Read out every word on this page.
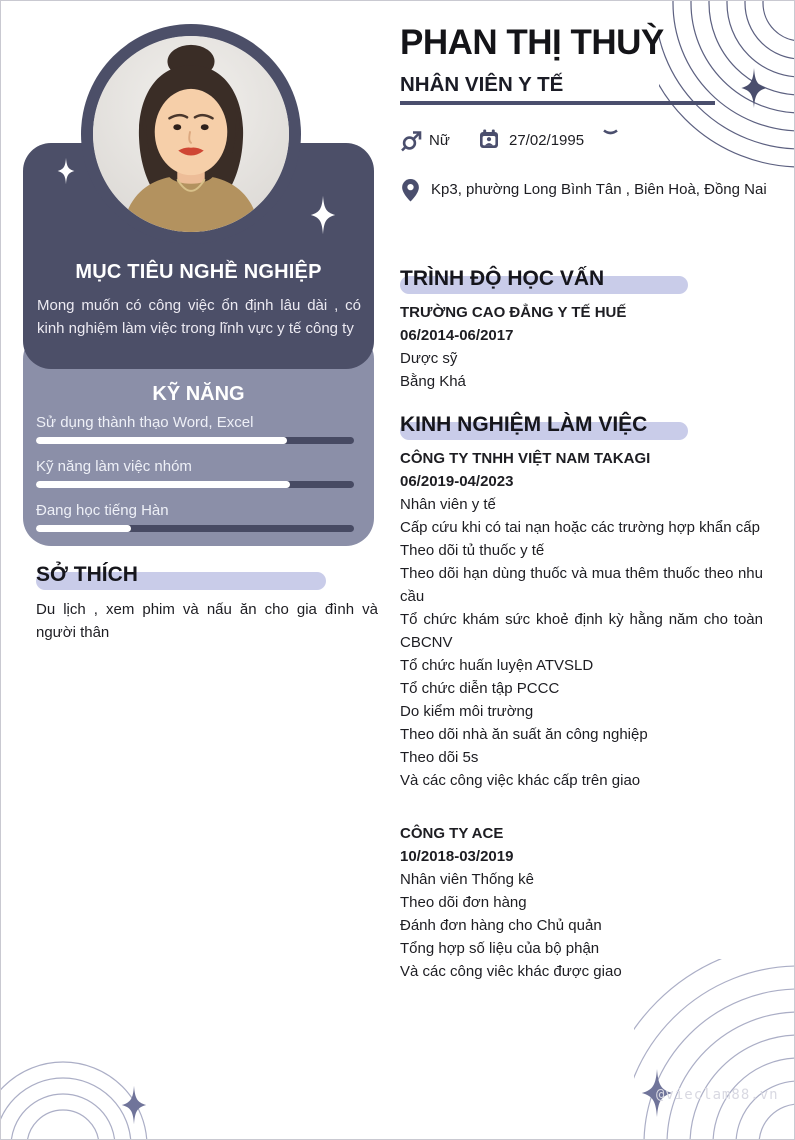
@vieclam88.vn
KỸ NĂNG
Sử dụng thành thạo Word, Excel
Kỹ năng làm việc nhóm
Đang học tiếng Hàn
MỤC TIÊU NGHỀ NGHIỆP
Mong muốn có công việc ổn định lâu dài , có kinh nghiệm làm việc trong lĩnh vực y tế công ty
SỞ THÍCH
Du lịch , xem phim và nấu ăn cho gia đình và người thân
PHAN THỊ THUỲ
NHÂN VIÊN Y TẾ
Nữ	27/02/1995
Kp3, phường Long Bình Tân , Biên Hoà, Đồng Nai
TRÌNH ĐỘ HỌC VẤN

TRƯỜNG CAO ĐẲNG Y TẾ HUẾ

06/2014-06/2017

Dược sỹ

Bằng Khá

KINH NGHIỆM LÀM VIỆC

CÔNG TY TNHH VIỆT NAM TAKAGI

06/2019-04/2023

Nhân viên y tế

Cấp cứu khi có tai nạn hoặc các trường hợp khẩn cấp

Theo dõi tủ thuốc y tế

Theo dõi hạn dùng thuốc và mua thêm thuốc theo nhu cầu

Tổ chức khám sức khoẻ định kỳ hằng năm cho toàn CBCNV

Tổ chức huấn luyện ATVSLD

Tổ chức diễn tập PCCC

Do kiểm môi trường

Theo dõi nhà ăn suất ăn công nghiệp

Theo dõi 5s

Và các công việc khác cấp trên giao

CÔNG TY ACE

10/2018-03/2019

Nhân viên Thống kê

Theo dõi đơn hàng

Đánh đơn hàng cho Chủ quản

Tổng hợp số liệu của bộ phận

Và các công viêc khác được giao
